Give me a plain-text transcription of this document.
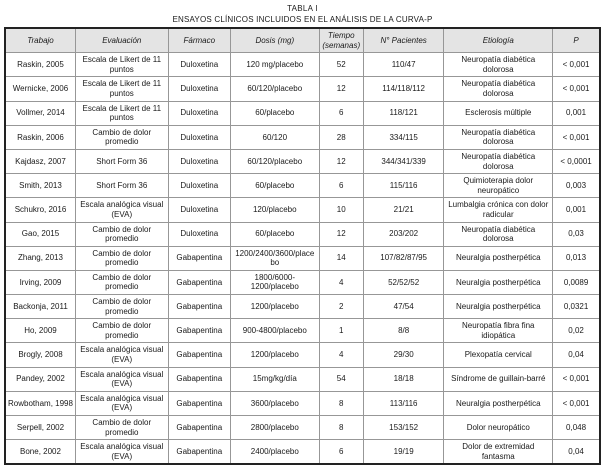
TABLA I
ENSAYOS CLÍNICOS INCLUIDOS EN EL ANÁLISIS DE LA CURVA-P
Trabajo	Evaluación	Fármaco	Dosis (mg)	Tiempo (semanas)	N° Pacientes	Etiología	P
Raskin, 2005	Escala de Likert de 11 puntos	Duloxetina	120 mg/placebo	52	110/47	Neuropatía diabética dolorosa	< 0,001
Wernicke, 2006	Escala de Likert de 11 puntos	Duloxetina	60/120/placebo	12	114/118/112	Neuropatía diabética dolorosa	< 0,001
Vollmer, 2014	Escala de Likert de 11 puntos	Duloxetina	60/placebo	6	118/121	Esclerosis múltiple	0,001
Raskin, 2006	Cambio de dolor promedio	Duloxetina	60/120	28	334/115	Neuropatía diabética dolorosa	< 0,001
Kajdasz, 2007	Short Form 36	Duloxetina	60/120/placebo	12	344/341/339	Neuropatía diabética dolorosa	< 0,0001
Smith, 2013	Short Form 36	Duloxetina	60/placebo	6	115/116	Quimioterapia dolor neuropático	0,003
Schukro, 2016	Escala analógica visual (EVA)	Duloxetina	120/placebo	10	21/21	Lumbalgia crónica con dolor radicular	0,001
Gao, 2015	Cambio de dolor promedio	Duloxetina	60/placebo	12	203/202	Neuropatía diabética dolorosa	0,03
Zhang, 2013	Cambio de dolor promedio	Gabapentina	1200/2400/3600/placebo	14	107/82/87/95	Neuralgia postherpética	0,013
Irving, 2009	Cambio de dolor promedio	Gabapentina	1800/6000-1200/placebo	4	52/52/52	Neuralgia postherpética	0,0089
Backonja, 2011	Cambio de dolor promedio	Gabapentina	1200/placebo	2	47/54	Neuralgia postherpética	0,0321
Ho, 2009	Cambio de dolor promedio	Gabapentina	900-4800/placebo	1	8/8	Neuropatía fibra fina idiopática	0,02
Brogly, 2008	Escala analógica visual (EVA)	Gabapentina	1200/placebo	4	29/30	Plexopatía cervical	0,04
Pandey, 2002	Escala analógica visual (EVA)	Gabapentina	15mg/kg/día	54	18/18	Síndrome de guillain-barré	< 0,001
Rowbotham, 1998	Escala analógica visual (EVA)	Gabapentina	3600/placebo	8	113/116	Neuralgia postherpética	< 0,001
Serpell, 2002	Cambio de dolor promedio	Gabapentina	2800/placebo	8	153/152	Dolor neuropático	0,048
Bone, 2002	Escala analógica visual (EVA)	Gabapentina	2400/placebo	6	19/19	Dolor de extremidad fantasma	0,04
